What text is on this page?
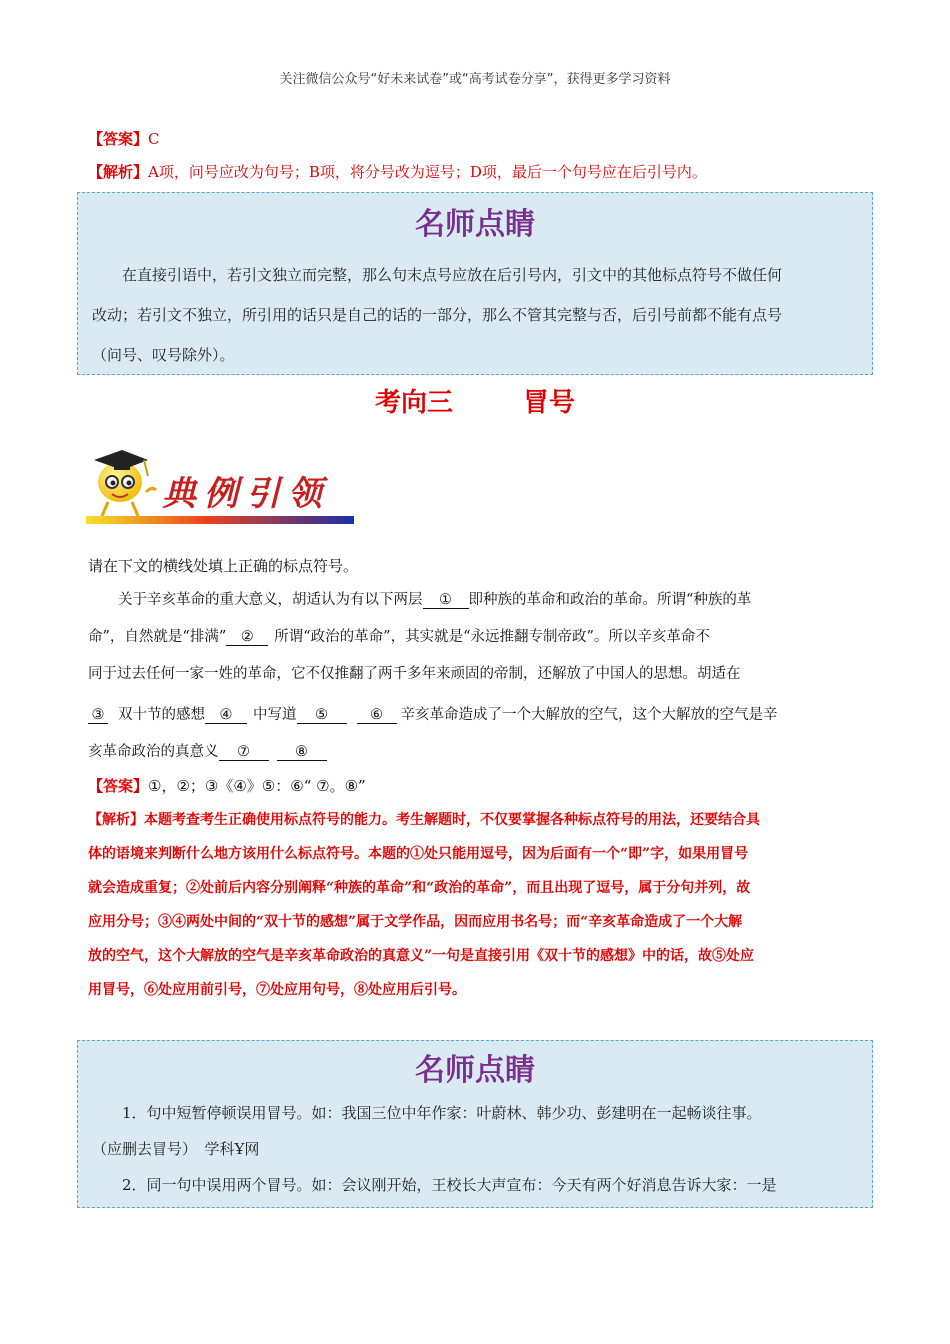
关注微信公众号“好未来试卷”或“高考试卷分享”，获得更多学习资料
【答案】C
【解析】A项，问号应改为句号；B项，将分号改为逗号；D项，最后一个句号应在后引号内。
名师点睛
在直接引语中，若引文独立而完整，那么句末点号应放在后引号内，引文中的其他标点符号不做任何
改动；若引文不独立，所引用的话只是自己的话的一部分，那么不管其完整与否，后引号前都不能有点号
（问号、叹号除外）。
考向三	冒号
典例引领
请在下文的横线处填上正确的标点符号。
关于辛亥革命的重大意义，胡适认为有以下两层 ① 即种族的革命和政治的革命。所谓“种族的革
命”，自然就是“排满” ② 所谓“政治的革命”，其实就是“永远推翻专制帝政”。所以辛亥革命不
同于过去任何一家一姓的革命，它不仅推翻了两千多年来顽固的帝制，还解放了中国人的思想。胡适在
③ 双十节的感想 ④ 中写道 ⑤	⑥ 辛亥革命造成了一个大解放的空气，这个大解放的空气是辛
亥革命政治的真意义 ⑦	⑧
【答案】①，②；③《④》⑤：⑥“ ⑦。⑧”
【解析】本题考查考生正确使用标点符号的能力。考生解题时，不仅要掌握各种标点符号的用法，还要结合具
体的语境来判断什么地方该用什么标点符号。本题的①处只能用逗号，因为后面有一个“即”字，如果用冒号
就会造成重复；②处前后内容分别阐释“种族的革命”和“政治的革命”，而且出现了逗号，属于分句并列，故
应用分号；③④两处中间的“双十节的感想”属于文学作品，因而应用书名号；而“辛亥革命造成了一个大解
放的空气，这个大解放的空气是辛亥革命政治的真意义”一句是直接引用《双十节的感想》中的话，故⑤处应
用冒号，⑥处应用前引号，⑦处应用句号，⑧处应用后引号。
名师点睛
1．句中短暂停顿误用冒号。如：我国三位中年作家：叶蔚林、韩少功、彭建明在一起畅谈往事。
（应删去冒号）　学科Ұ网
2．同一句中误用两个冒号。如：会议刚开始，王校长大声宣布：今天有两个好消息告诉大家：一是
